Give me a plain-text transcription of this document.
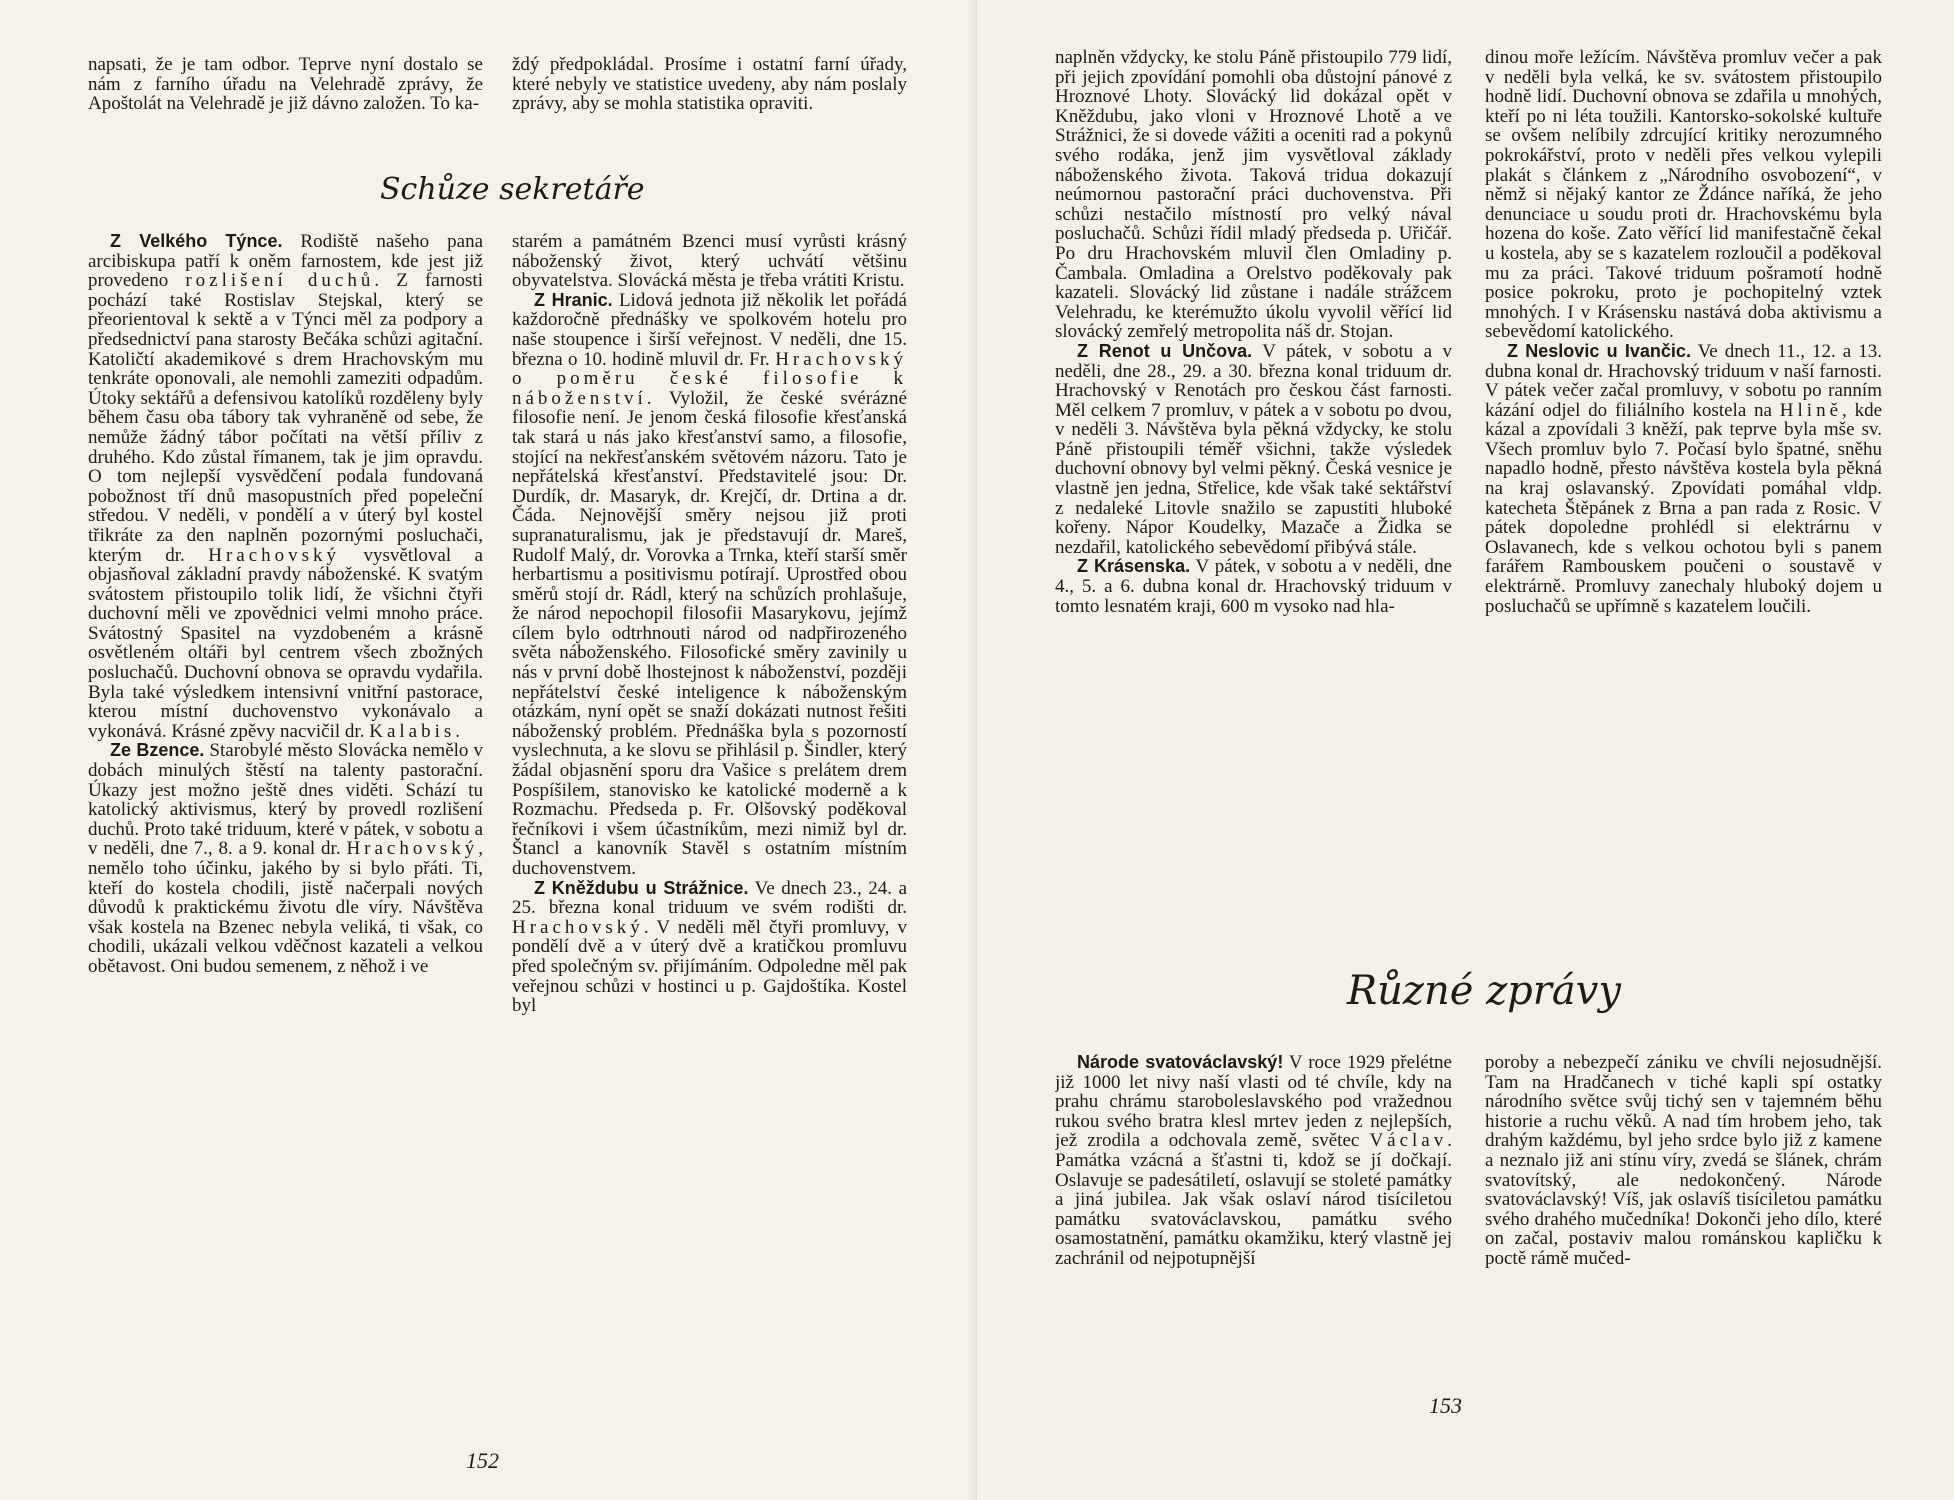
napsati, že je tam odbor. Teprve nyní dostalo se nám z farního úřadu na Velehradě zprávy, že Apoštolát na Velehradě je již dávno založen. To ka-

ždý předpokládal. Prosíme i ostatní farní úřady, které nebyly ve statistice uvedeny, aby nám poslaly zprávy, aby se mohla statistika opraviti.

Schůze sekretáře

Z Velkého Týnce. Rodiště našeho pana arcibiskupa patří k oněm farnostem, kde jest již provedeno rozlišení duchů. Z farnosti pochází také Rostislav Stejskal, který se přeorientoval k sektě a v Týnci měl za podpory a předsednictví pana starosty Bečáka schůzi agitační. Katoličtí akademikové s drem Hrachovským mu tenkráte oponovali, ale nemohli zameziti odpadům. Útoky sektářů a defensivou katolíků rozděleny byly během času oba tábory tak vyhraněně od sebe, že nemůže žádný tábor počítati na větší příliv z druhého. Kdo zůstal římanem, tak je jim opravdu. O tom nejlepší vysvědčení podala fundovaná pobožnost tří dnů masopustních před popeleční středou. V neděli, v pondělí a v úterý byl kostel třikráte za den naplněn pozornými posluchači, kterým dr. Hrachovský vysvětloval a objasňoval základní pravdy náboženské. K svatým svátostem přistoupilo tolik lidí, že všichni čtyři duchovní měli ve zpovědnici velmi mnoho práce. Svátostný Spasitel na vyzdobeném a krásně osvětleném oltáři byl centrem všech zbožných posluchačů. Duchovní obnova se opravdu vydařila. Byla také výsledkem intensivní vnitřní pastorace, kterou místní duchovenstvo vykonávalo a vykonává. Krásné zpěvy nacvičil dr. Kalabis.

Ze Bzence. Starobylé město Slovácka nemělo v dobách minulých štěstí na talenty pastorační. Úkazy jest možno ještě dnes viděti. Schází tu katolický aktivismus, který by provedl rozlišení duchů. Proto také triduum, které v pátek, v sobotu a v neděli, dne 7., 8. a 9. konal dr. Hrachovský, nemělo toho účinku, jakého by si bylo přáti. Ti, kteří do kostela chodili, jistě načerpali nových důvodů k praktickému životu dle víry. Návštěva však kostela na Bzenec nebyla veliká, ti však, co chodili, ukázali velkou vděčnost kazateli a velkou obětavost. Oni budou semenem, z něhož i ve

starém a památném Bzenci musí vyrůsti krásný náboženský život, který uchvátí většinu obyvatelstva. Slovácká města je třeba vrátiti Kristu.

Z Hranic. Lidová jednota již několik let pořádá každoročně přednášky ve spolkovém hotelu pro naše stoupence i širší veřejnost. V neděli, dne 15. března o 10. hodině mluvil dr. Fr. Hrachovský o poměru české filosofie k náboženství. Vyložil, že české svérázné filosofie není. Je jenom česká filosofie křesťanská tak stará u nás jako křesťanství samo, a filosofie, stojící na nekřesťanském světovém názoru. Tato je nepřátelská křesťanství. Představitelé jsou: Dr. Durdík, dr. Masaryk, dr. Krejčí, dr. Drtina a dr. Čáda. Nejnovější směry nejsou již proti supranaturalismu, jak je představují dr. Mareš, Rudolf Malý, dr. Vorovka a Trnka, kteří starší směr herbartismu a positivismu potírají. Uprostřed obou směrů stojí dr. Rádl, který na schůzích prohlašuje, že národ nepochopil filosofii Masarykovu, jejímž cílem bylo odtrhnouti národ od nadpřirozeného světa náboženského. Filosofické směry zavinily u nás v první době lhostejnost k náboženství, později nepřátelství české inteligence k náboženským otázkám, nyní opět se snaží dokázati nutnost řešiti náboženský problém. Přednáška byla s pozorností vyslechnuta, a ke slovu se přihlásil p. Šindler, který žádal objasnění sporu dra Vašice s prelátem drem Pospíšilem, stanovisko ke katolické moderně a k Rozmachu. Předseda p. Fr. Olšovský poděkoval řečníkovi i všem účastníkům, mezi nimiž byl dr. Štancl a kanovník Stavěl s ostatním místním duchovenstvem.

Z Kněždubu u Strážnice. Ve dnech 23., 24. a 25. března konal triduum ve svém rodišti dr. Hrachovský. V neděli měl čtyři promluvy, v pondělí dvě a v úterý dvě a kratičkou promluvu před společným sv. přijímáním. Odpoledne měl pak veřejnou schůzi v hostinci u p. Gajdoštíka. Kostel byl

152

naplněn vždycky, ke stolu Páně přistoupilo 779 lidí, při jejich zpovídání pomohli oba důstojní pánové z Hroznové Lhoty. Slovácký lid dokázal opět v Kněždubu, jako vloni v Hroznové Lhotě a ve Strážnici, že si dovede vážiti a oceniti rad a pokynů svého rodáka, jenž jim vysvětloval základy náboženského života. Taková tridua dokazují neúmornou pastorační práci duchovenstva. Při schůzi nestačilo místností pro velký nával posluchačů. Schůzi řídil mladý předseda p. Uřičář. Po dru Hrachovském mluvil člen Omladiny p. Čambala. Omladina a Orelstvo poděkovaly pak kazateli. Slovácký lid zůstane i nadále strážcem Velehradu, ke kterémužto úkolu vyvolil věřící lid slovácký zemřelý metropolita náš dr. Stojan.

Z Renot u Unčova. V pátek, v sobotu a v neděli, dne 28., 29. a 30. března konal triduum dr. Hrachovský v Renotách pro českou část farnosti. Měl celkem 7 promluv, v pátek a v sobotu po dvou, v neděli 3. Návštěva byla pěkná vždycky, ke stolu Páně přistoupili téměř všichni, takže výsledek duchovní obnovy byl velmi pěkný. Česká vesnice je vlastně jen jedna, Střelice, kde však také sektářství z nedaleké Litovle snažilo se zapustiti hluboké kořeny. Nápor Koudelky, Mazače a Židka se nezdařil, katolického sebevědomí přibývá stále.

Z Krásenska. V pátek, v sobotu a v neděli, dne 4., 5. a 6. dubna konal dr. Hrachovský triduum v tomto lesnatém kraji, 600 m vysoko nad hla-

dinou moře ležícím. Návštěva promluv večer a pak v neděli byla velká, ke sv. svátostem přistoupilo hodně lidí. Duchovní obnova se zdařila u mnohých, kteří po ni léta toužili. Kantorsko-sokolské kultuře se ovšem nelíbily zdrcující kritiky nerozumného pokrokářství, proto v neděli přes velkou vylepili plakát s článkem z „Národního osvobození“, v němž si nějaký kantor ze Ždánce naříká, že jeho denunciace u soudu proti dr. Hrachovskému byla hozena do koše. Zato věřící lid manifestačně čekal u kostela, aby se s kazatelem rozloučil a poděkoval mu za práci. Takové triduum pošramotí hodně posice pokroku, proto je pochopitelný vztek mnohých. I v Krásensku nastává doba aktivismu a sebevědomí katolického.

Z Neslovic u Ivančic. Ve dnech 11., 12. a 13. dubna konal dr. Hrachovský triduum v naší farnosti. V pátek večer začal promluvy, v sobotu po ranním kázání odjel do filiálního kostela na Hlině, kde kázal a zpovídali 3 kněží, pak teprve byla mše sv. Všech promluv bylo 7. Počasí bylo špatné, sněhu napadlo hodně, přesto návštěva kostela byla pěkná na kraj oslavanský. Zpovídati pomáhal vldp. katecheta Štěpánek z Brna a pan rada z Rosic. V pátek dopoledne prohlédl si elektrárnu v Oslavanech, kde s velkou ochotou byli s panem farářem Rambouskem poučeni o soustavě v elektrárně. Promluvy zanechaly hluboký dojem u posluchačů se upřímně s kazatelem loučili.

Různé zprávy

Národe svatováclavský! V roce 1929 přelétne již 1000 let nivy naší vlasti od té chvíle, kdy na prahu chrámu staroboleslavského pod vražednou rukou svého bratra klesl mrtev jeden z nejlepších, jež zrodila a odchovala země, světec Václav. Památka vzácná a šťastni ti, kdož se jí dočkají. Oslavuje se padesátiletí, oslavují se stoleté památky a jiná jubilea. Jak však oslaví národ tisíciletou památku svatováclavskou, památku svého osamostatnění, památku okamžiku, který vlastně jej zachránil od nejpotupnější

poroby a nebezpečí zániku ve chvíli nejosudnější. Tam na Hradčanech v tiché kapli spí ostatky národního světce svůj tichý sen v tajemném běhu historie a ruchu věků. A nad tím hrobem jeho, tak drahým každému, byl jeho srdce bylo již z kamene a neznalo již ani stínu víry, zvedá se šlánek, chrám svatovítský, ale nedokončený. Národe svatováclavský! Víš, jak oslavíš tisíciletou památku svého drahého mučedníka! Dokonči jeho dílo, které on začal, postaviv malou románskou kapličku k poctě rámě mučed-

153
